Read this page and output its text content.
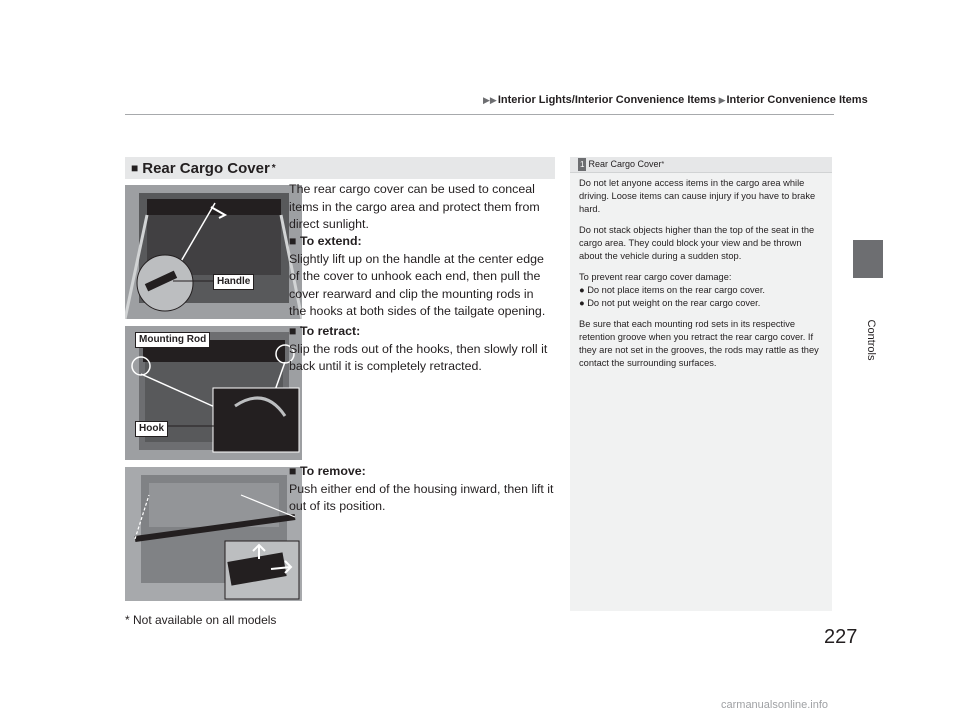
▶▶Interior Lights/Interior Convenience Items ▶Interior Convenience Items
Controls
■ Rear Cargo Cover *
Handle
Mounting Rod
Hook

The rear cargo cover can be used to conceal items in the cargo area and protect them from direct sunlight.

■ To extend:

Slightly lift up on the handle at the center edge of the cover to unhook each end, then pull the cover rearward and clip the mounting rods in the hooks at both sides of the tailgate opening.

■ To retract:

Slip the rods out of the hooks, then slowly roll it back until it is completely retracted.

■ To remove:

Push either end of the housing inward, then lift it out of its position.

1 Rear Cargo Cover *

Do not let anyone access items in the cargo area while driving. Loose items can cause injury if you have to brake hard.

Do not stack objects higher than the top of the seat in the cargo area. They could block your view and be thrown about the vehicle during a sudden stop.

To prevent rear cargo cover damage:

● Do not place items on the rear cargo cover.

● Do not put weight on the rear cargo cover.

Be sure that each mounting rod sets in its respective retention groove when you retract the rear cargo cover. If they are not set in the grooves, the rods may rattle as they contact the surrounding surfaces.

* Not available on all models
227
carmanualsonline.info
